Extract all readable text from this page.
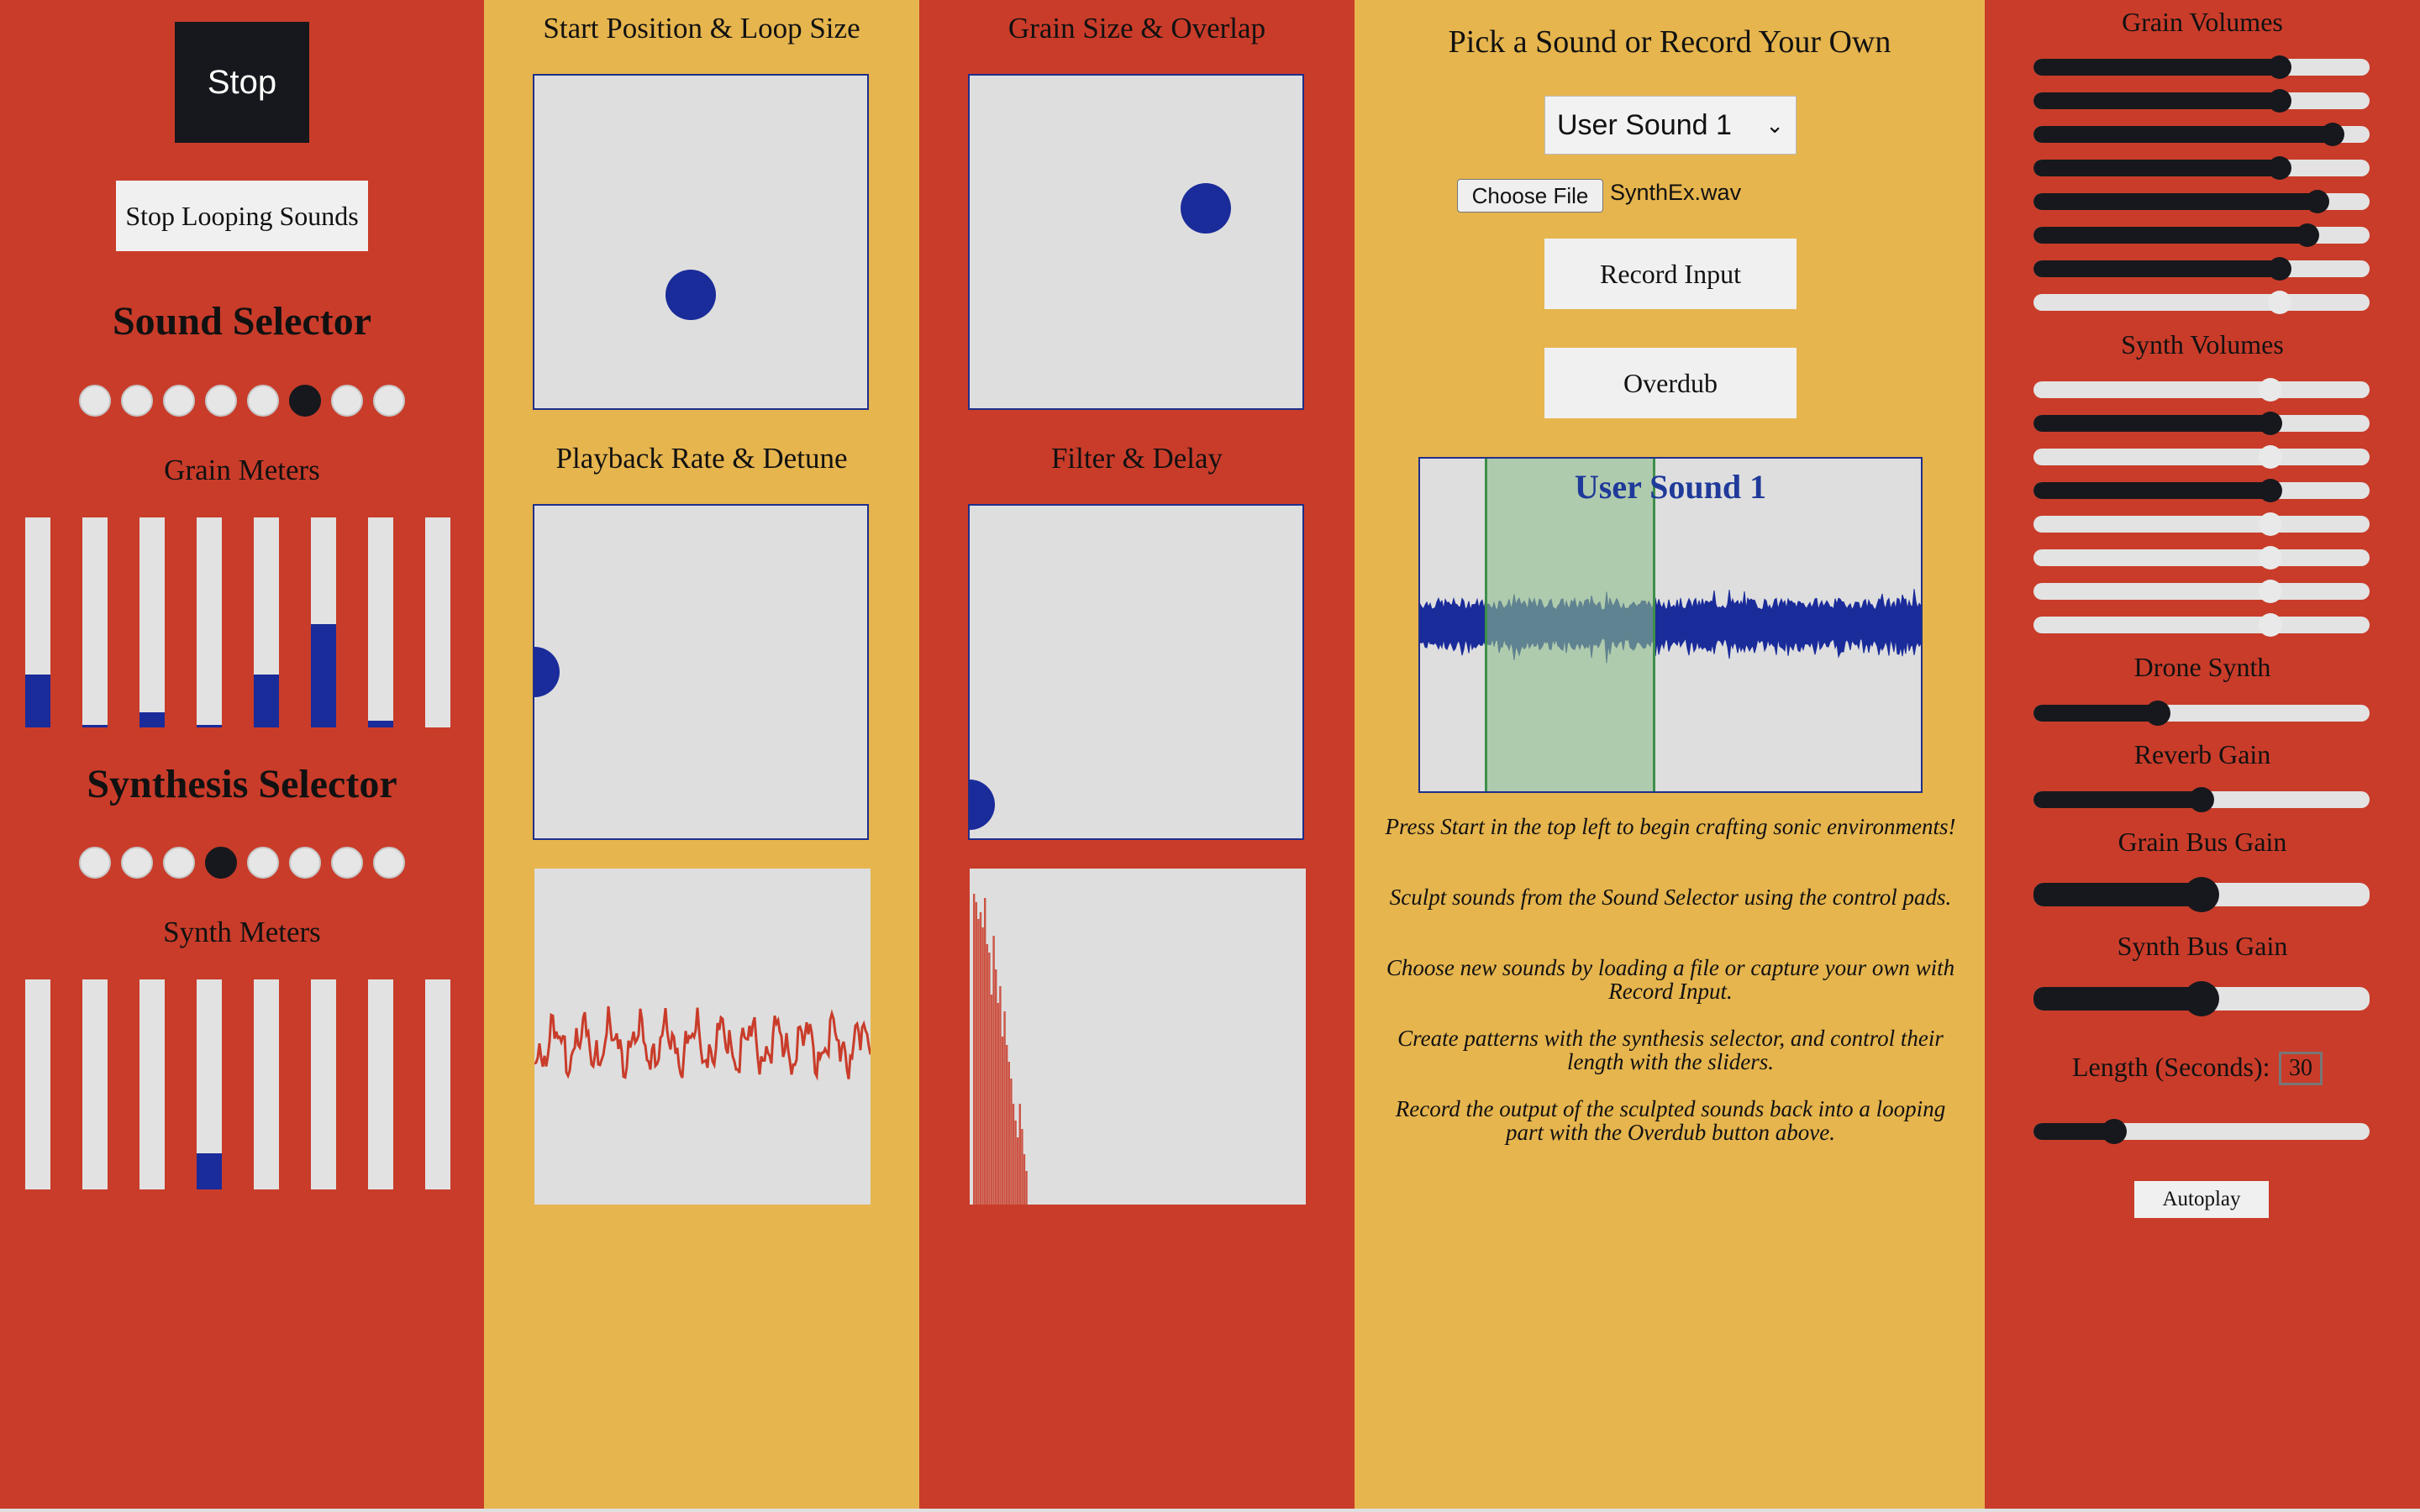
Stop
Stop Looping Sounds
Sound Selector
Grain Meters
Synthesis Selector
Synth Meters
Start Position & Loop Size
Playback Rate & Detune
Grain Size & Overlap
Filter & Delay
Pick a Sound or Record Your Own
User Sound 1 ⌄
Choose File SynthEx.wav
Record Input
Overdub
User Sound 1
Press Start in the top left to begin crafting sonic environments!
Sculpt sounds from the Sound Selector using the control pads.
Choose new sounds by loading a file or capture your own with Record Input.
Create patterns with the synthesis selector, and control their length with the sliders.
Record the output of the sculpted sounds back into a looping part with the Overdub button above.
Grain Volumes
Synth Volumes
Drone Synth
Reverb Gain
Grain Bus Gain
Synth Bus Gain
Length (Seconds): 30
Autoplay
